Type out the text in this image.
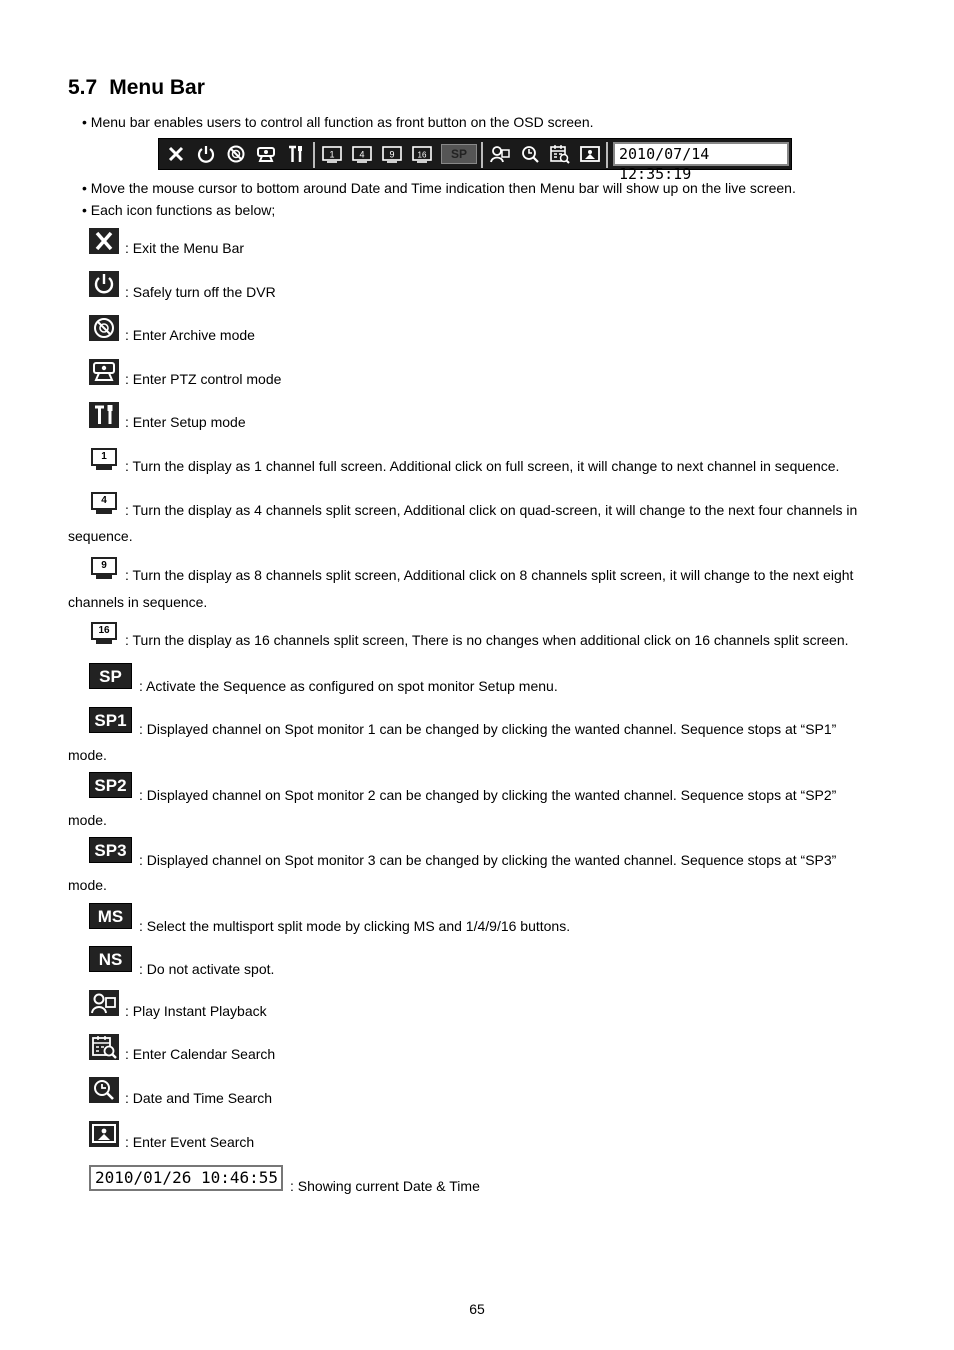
5.7 Menu Bar
• Menu bar enables users to control all function as front button on the OSD screen.
1	4	9	16	SP	2010/07/14 12:35:19
• Move the mouse cursor to bottom around Date and Time indication then Menu bar will show up on the live screen.
• Each icon functions as below;
: Exit the Menu Bar
: Safely turn off the DVR
: Enter Archive mode
: Enter PTZ control mode
: Enter Setup mode
1
: Turn the display as 1 channel full screen. Additional click on full screen, it will change to next channel in sequence.
4
: Turn the display as 4 channels split screen, Additional click on quad-screen, it will change to the next four channels in
sequence.
9
: Turn the display as 8 channels split screen, Additional click on 8 channels split screen, it will change to the next eight
channels in sequence.
16
: Turn the display as 16 channels split screen, There is no changes when additional click on 16 channels split screen.
SP	: Activate the Sequence as configured on spot monitor Setup menu.
SP1 : Displayed channel on Spot monitor 1 can be changed by clicking the wanted channel. Sequence stops at “SP1”
mode.
SP2 : Displayed channel on Spot monitor 2 can be changed by clicking the wanted channel. Sequence stops at “SP2”
mode.
SP3 : Displayed channel on Spot monitor 3 can be changed by clicking the wanted channel. Sequence stops at “SP3”
mode.
MS	: Select the multisport split mode by clicking MS and 1/4/9/16 buttons.
NS	: Do not activate spot.
: Play Instant Playback
: Enter Calendar Search
: Date and Time Search
: Enter Event Search
2010/01/26 10:46:55 : Showing current Date & Time
65
